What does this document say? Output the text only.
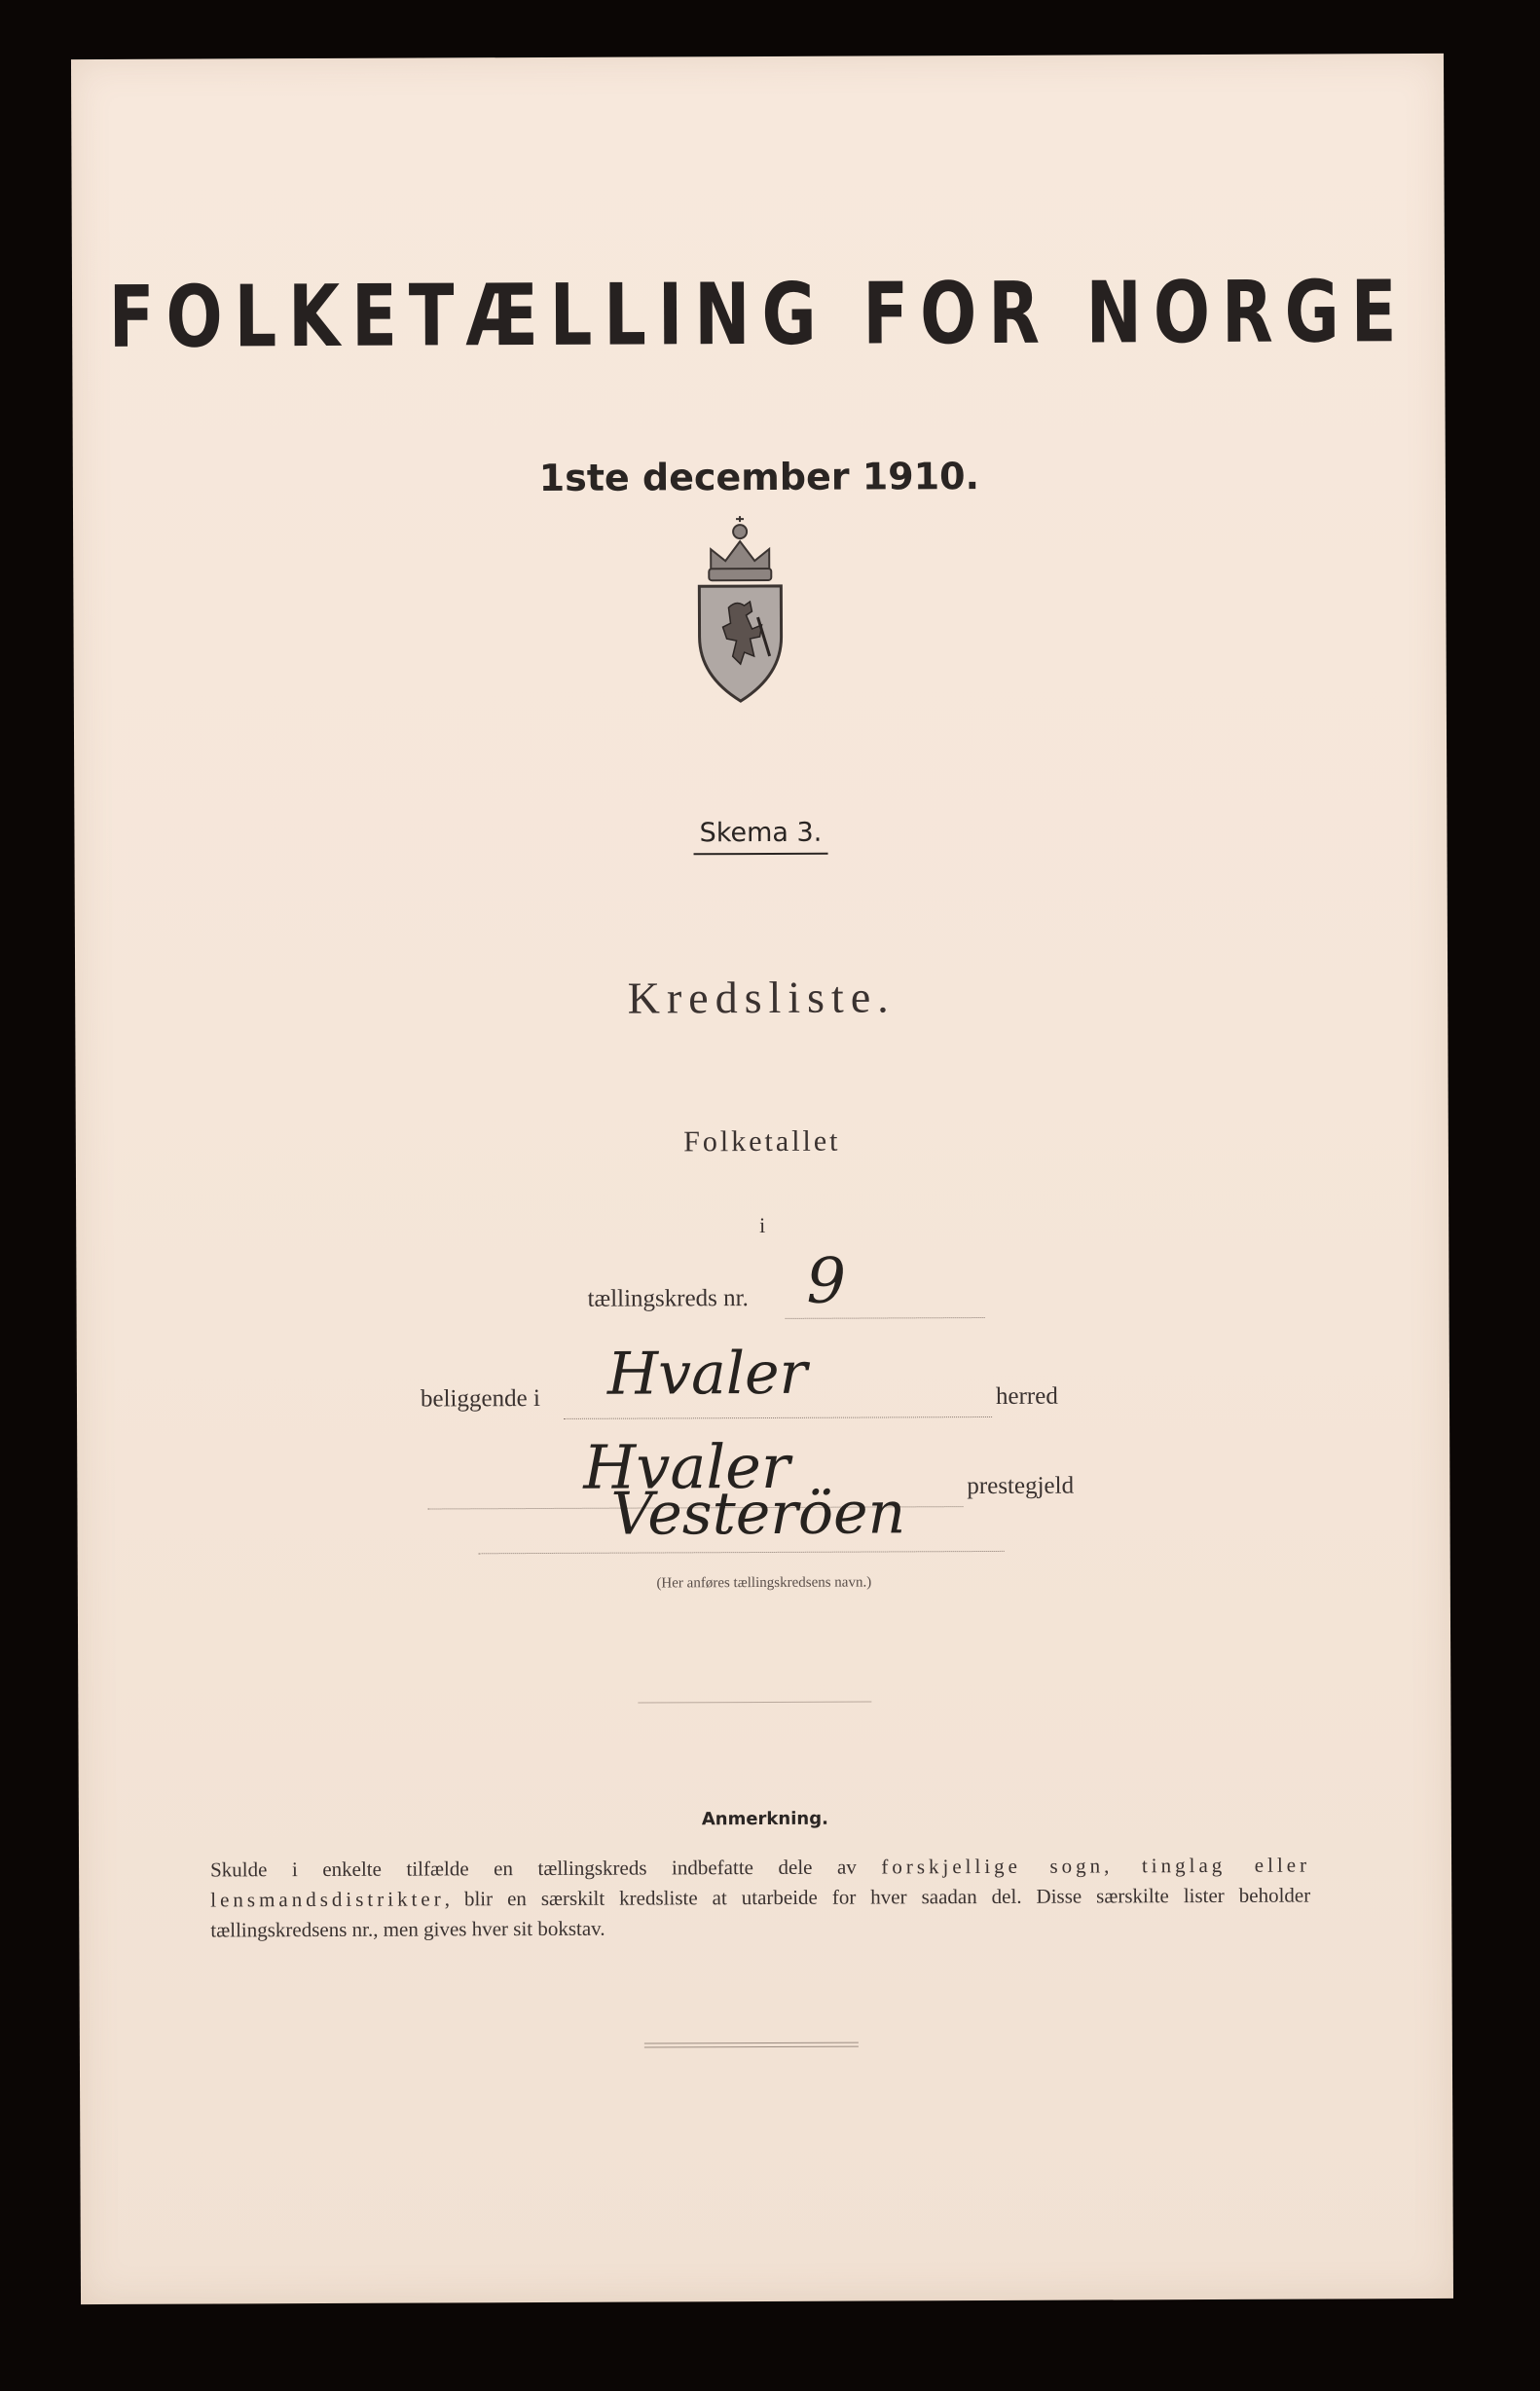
FOLKETÆLLING FOR NORGE
1ste december 1910.
Skema 3.
Kredsliste.
Folketallet
i
tællingskreds nr. 9
beliggende i Hvaler	herred
Hvaler	prestegjeld
Vesteröen
(Her anføres tællingskredsens navn.)
Anmerkning.
Skulde i enkelte tilfælde en tællingskreds indbefatte dele av forskjellige sogn, tinglag eller lensmandsdistrikter, blir en særskilt kredsliste at utarbeide for hver saadan del. Disse særskilte lister beholder tællingskredsens nr., men gives hver sit bokstav.
